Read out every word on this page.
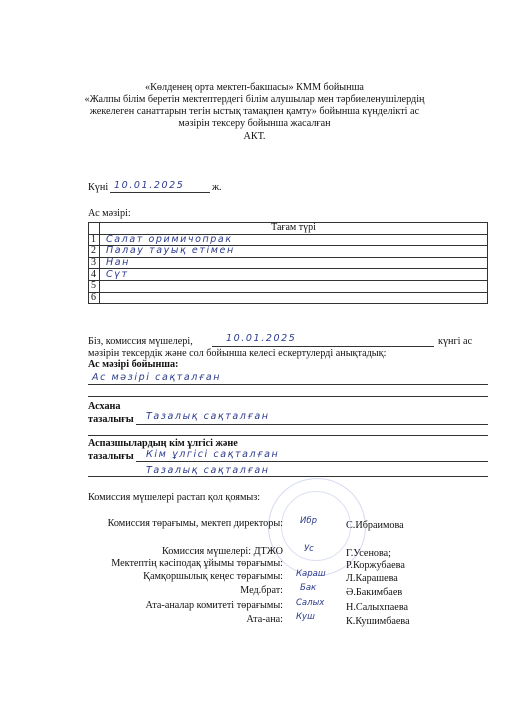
«Көлденең орта мектеп-бакшасы» КММ бойынша
«Жалпы білім беретін мектептердегі білім алушылар мен тәрбиеленушілердің
жекелеген санаттарын тегін ыстық тамақпен қамту» бойынша күнделікті ас
мәзірін тексеру бойынша жасалған
АКТ.
Күні 10.01.2025	ж.
Ас мәзірі:
	Тағам түрі
1	Салат оримичопрак
2	Палау тауық етімен
3	Нан
4	Сүт
5	
6	
Біз, комиссия мүшелері,	10.01.2025	күнгі ас
мәзірін тексердік және сол бойынша келесі ескертулерді анықтадық:
Ас мәзірі бойынша:
Ас мәзірі сақталған
Асхана
тазалығы Тазалық сақталған
Аспазшылардың кім ұлгісі және
тазалығы Кім ұлгісі сақталған
Тазалық сақталған
Комиссия мүшелері растап қол қоямыз:
Комиссия төрағымы, мектеп директоры: Ибр	С.Ибраимова
Комиссия мүшелері: ДТЖО Ус	Г.Усенова;
Мектептің кәсіподақ ұйымы төрағымы:	Р.Коржубаева
Қамқоршылық кеңес төрағымы: Караш Л.Карашева
Мед.брат: Бак	Ә.Бакимбаев
Ата-аналар комитеті төрағымы: Салых Н.Салыхпаева
Ата-ана: Куш	К.Кушимбаева
